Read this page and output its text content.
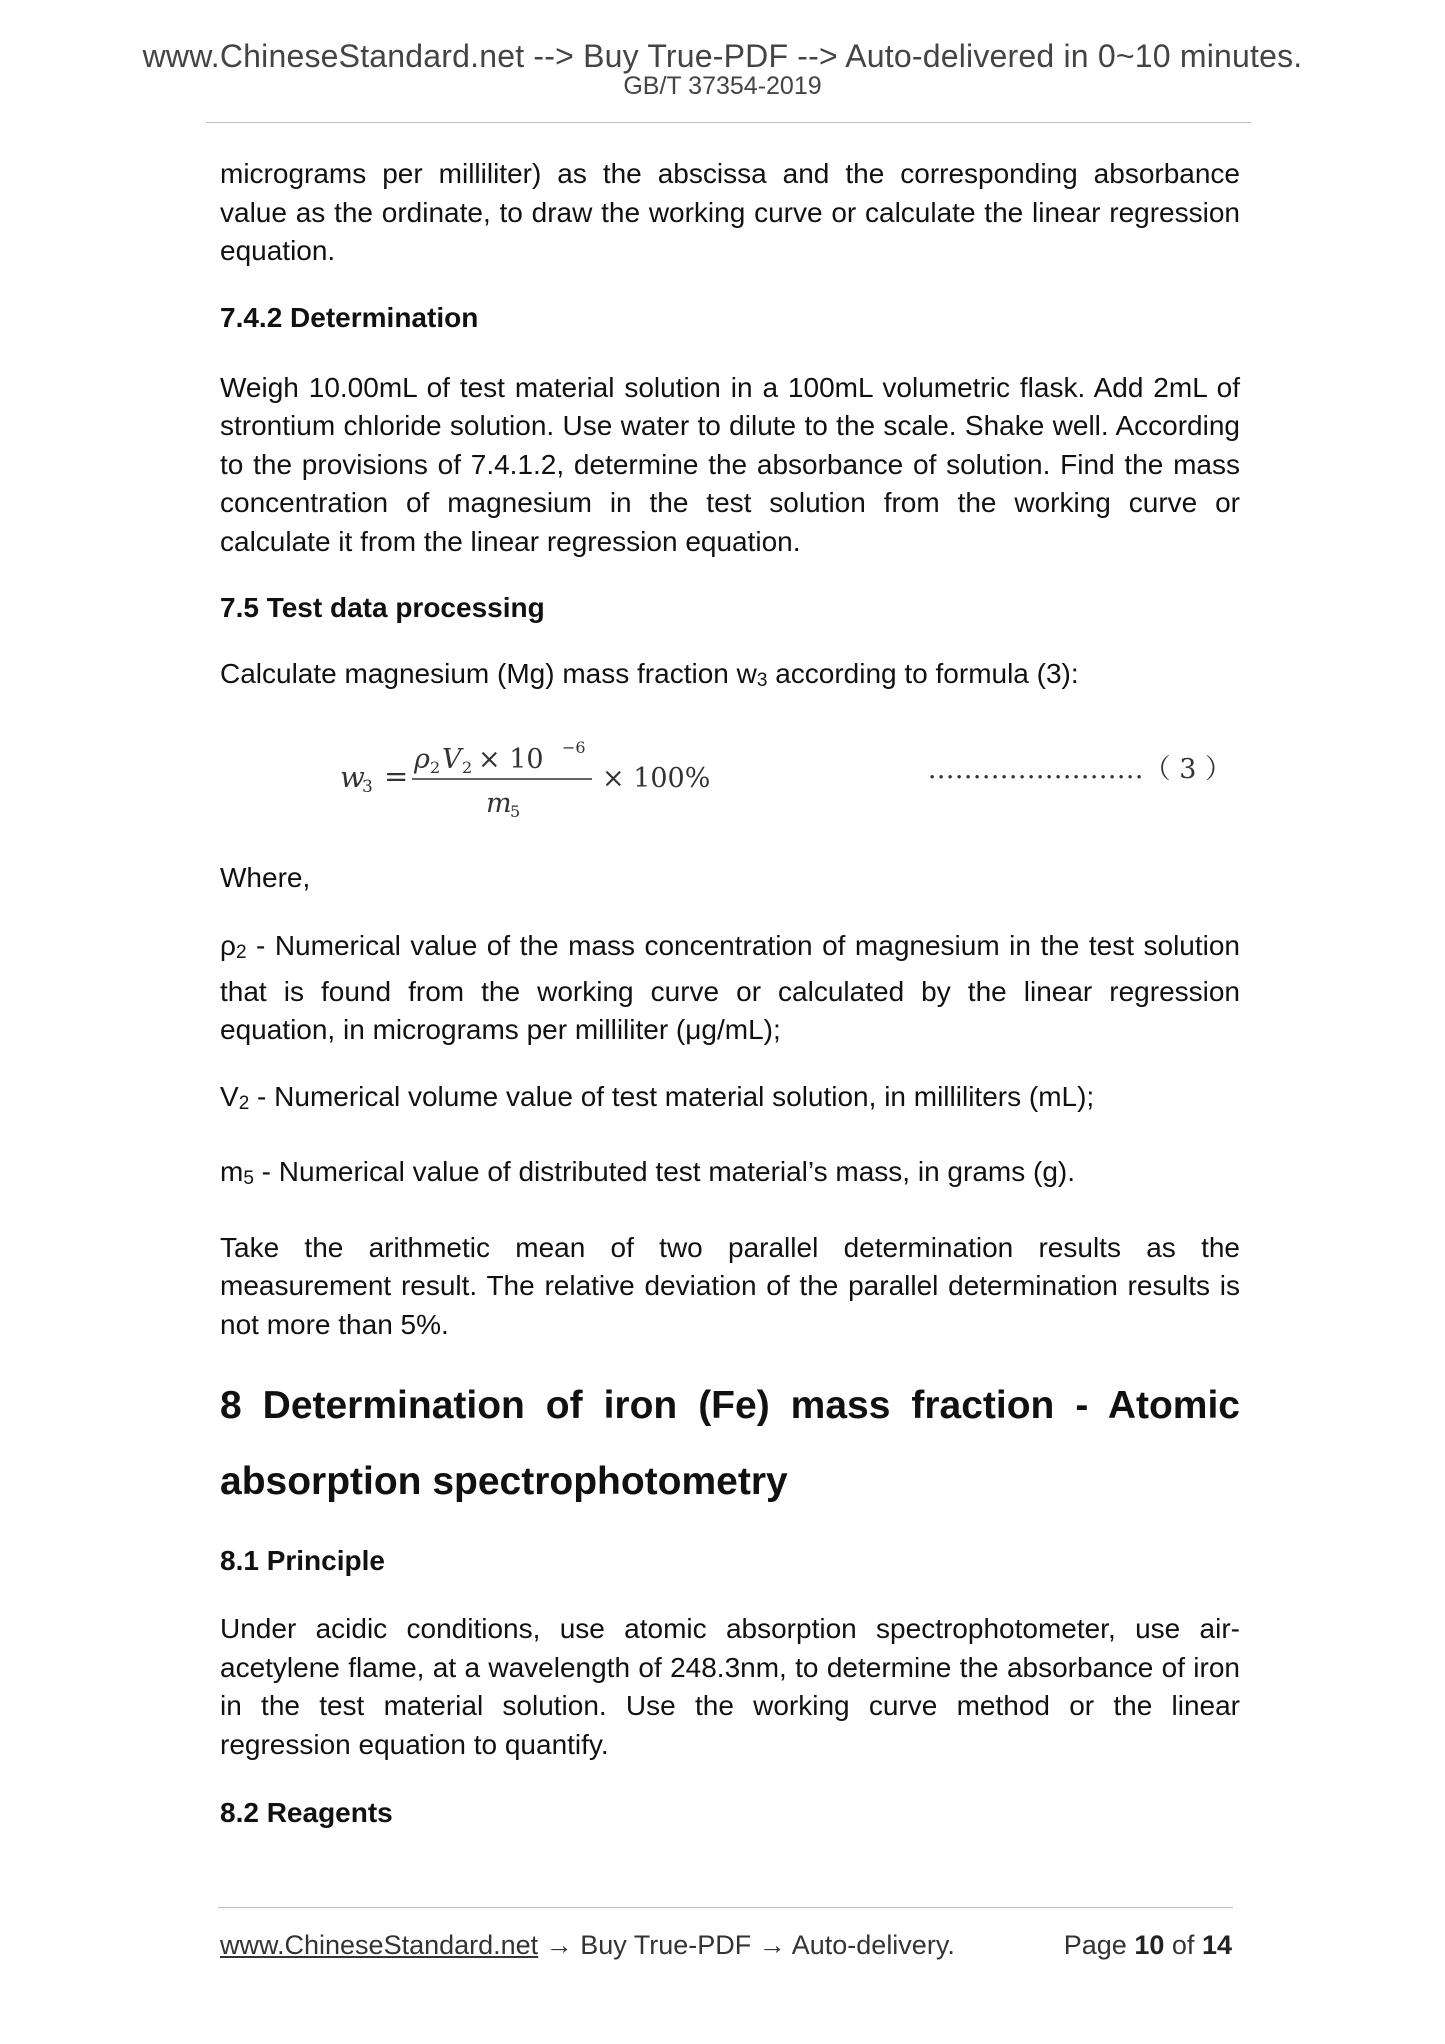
www.ChineseStandard.net --> Buy True-PDF --> Auto-delivered in 0~10 minutes.
GB/T 37354-2019

micrograms per milliliter) as the abscissa and the corresponding absorbance value as the ordinate, to draw the working curve or calculate the linear regression equation.

7.4.2 Determination

Weigh 10.00mL of test material solution in a 100mL volumetric flask. Add 2mL of strontium chloride solution. Use water to dilute to the scale. Shake well. According to the provisions of 7.4.1.2, determine the absorbance of solution. Find the mass concentration of magnesium in the test solution from the working curve or calculate it from the linear regression equation.

7.5 Test data processing

Calculate magnesium (Mg) mass fraction w3 according to formula (3):

w
3 = ρ 2 V 2 × 10 −6
m
5
× 100%	……………………（ 3 ）

Where,

ρ2 - Numerical value of the mass concentration of magnesium in the test solution that is found from the working curve or calculated by the linear regression equation, in micrograms per milliliter (μg/mL);

V2 - Numerical volume value of test material solution, in milliliters (mL);

m5 - Numerical value of distributed test material’s mass, in grams (g).

Take the arithmetic mean of two parallel determination results as the measurement result. The relative deviation of the parallel determination results is not more than 5%.

8 Determination of iron (Fe) mass fraction - Atomic absorption spectrophotometry
8.1 Principle

Under acidic conditions, use atomic absorption spectrophotometer, use air-acetylene flame, at a wavelength of 248.3nm, to determine the absorbance of iron in the test material solution. Use the working curve method or the linear regression equation to quantify.

8.2 Reagents
www.ChineseStandard.net → Buy True-PDF → Auto-delivery.	Page 10 of 14
